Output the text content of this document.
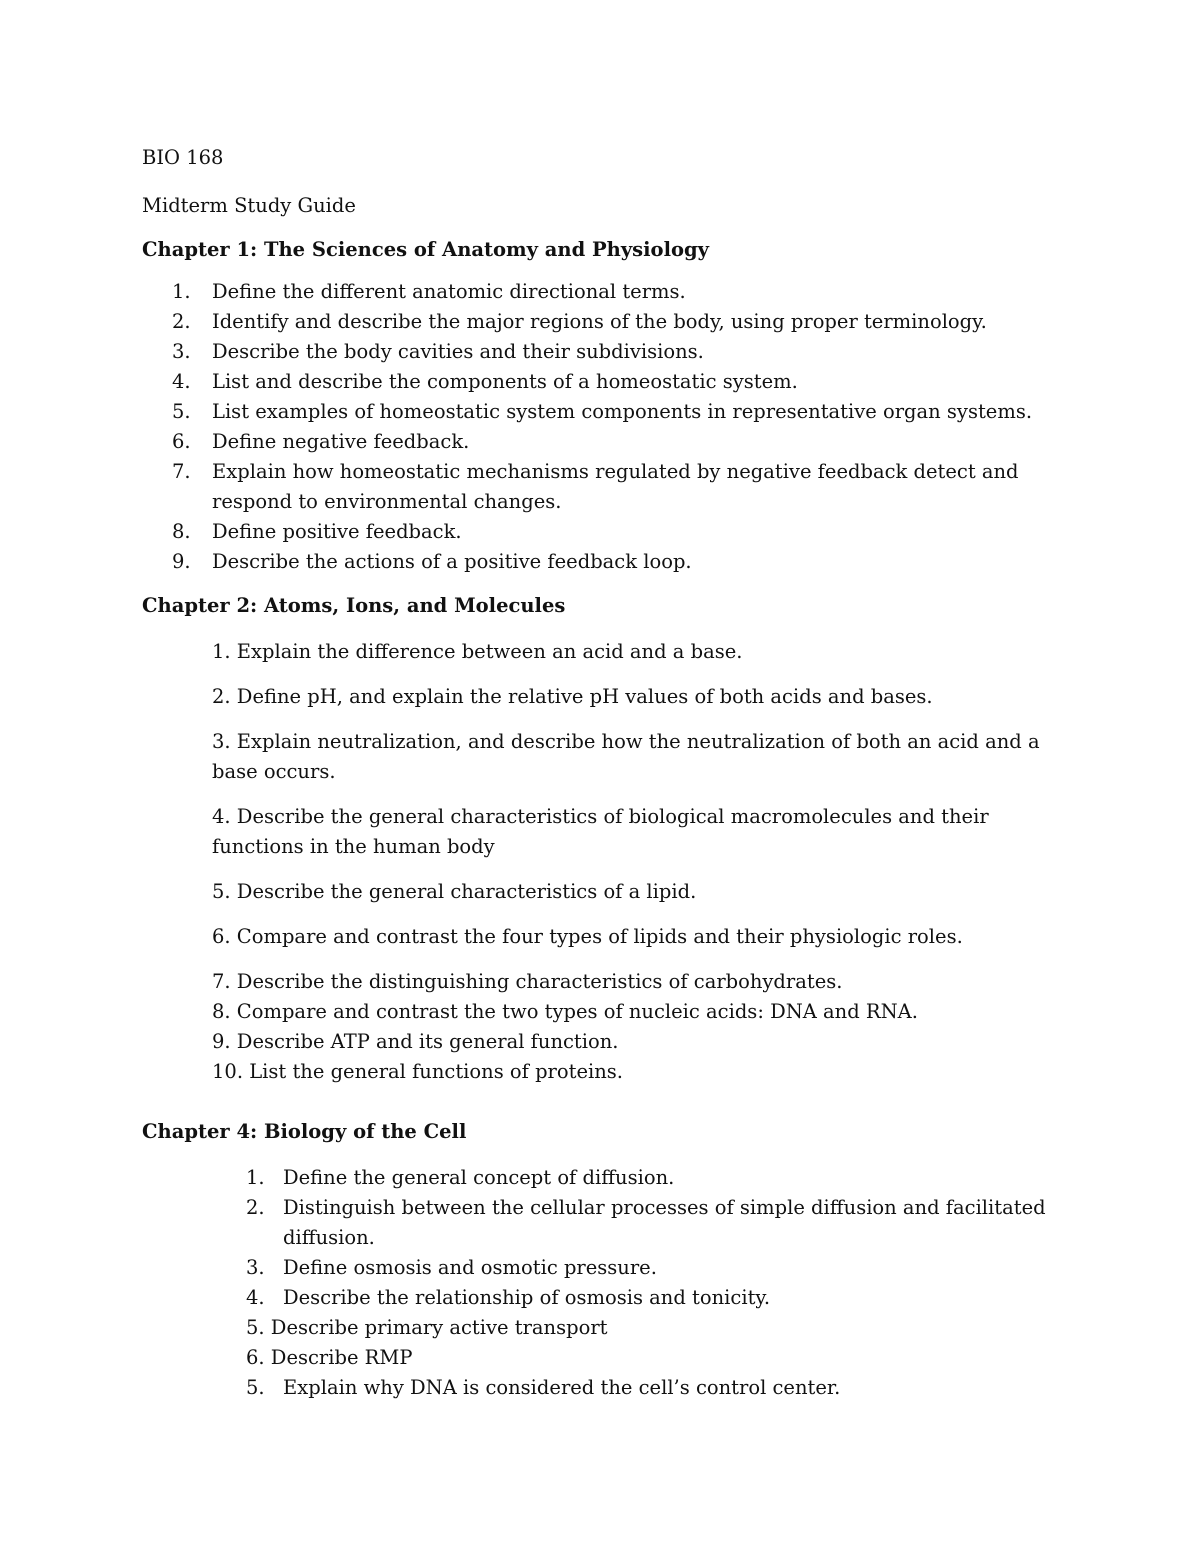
BIO 168

Midterm Study Guide

Chapter 1: The Sciences of Anatomy and Physiology
1.	Define the different anatomic directional terms.
2.	Identify and describe the major regions of the body, using proper terminology.
3.	Describe the body cavities and their subdivisions.
4.	List and describe the components of a homeostatic system.
5.	List examples of homeostatic system components in representative organ systems.
6.	Define negative feedback.
7.	Explain how homeostatic mechanisms regulated by negative feedback detect and respond to environmental changes.
8.	Define positive feedback.
9.	Describe the actions of a positive feedback loop.
Chapter 2: Atoms, Ions, and Molecules
1. Explain the difference between an acid and a base.
2. Define pH, and explain the relative pH values of both acids and bases.
3. Explain neutralization, and describe how the neutralization of both an acid and a base occurs.
4. Describe the general characteristics of biological macromolecules and their functions in the human body
5. Describe the general characteristics of a lipid.
6. Compare and contrast the four types of lipids and their physiologic roles.
7. Describe the distinguishing characteristics of carbohydrates.
8. Compare and contrast the two types of nucleic acids: DNA and RNA.
9. Describe ATP and its general function.
10. List the general functions of proteins.
Chapter 4: Biology of the Cell
1. Define the general concept of diffusion.
2. Distinguish between the cellular processes of simple diffusion and facilitated diffusion.
3. Define osmosis and osmotic pressure.
4. Describe the relationship of osmosis and tonicity.
5. Describe primary active transport
6. Describe RMP
5. Explain why DNA is considered the cell’s control center.
